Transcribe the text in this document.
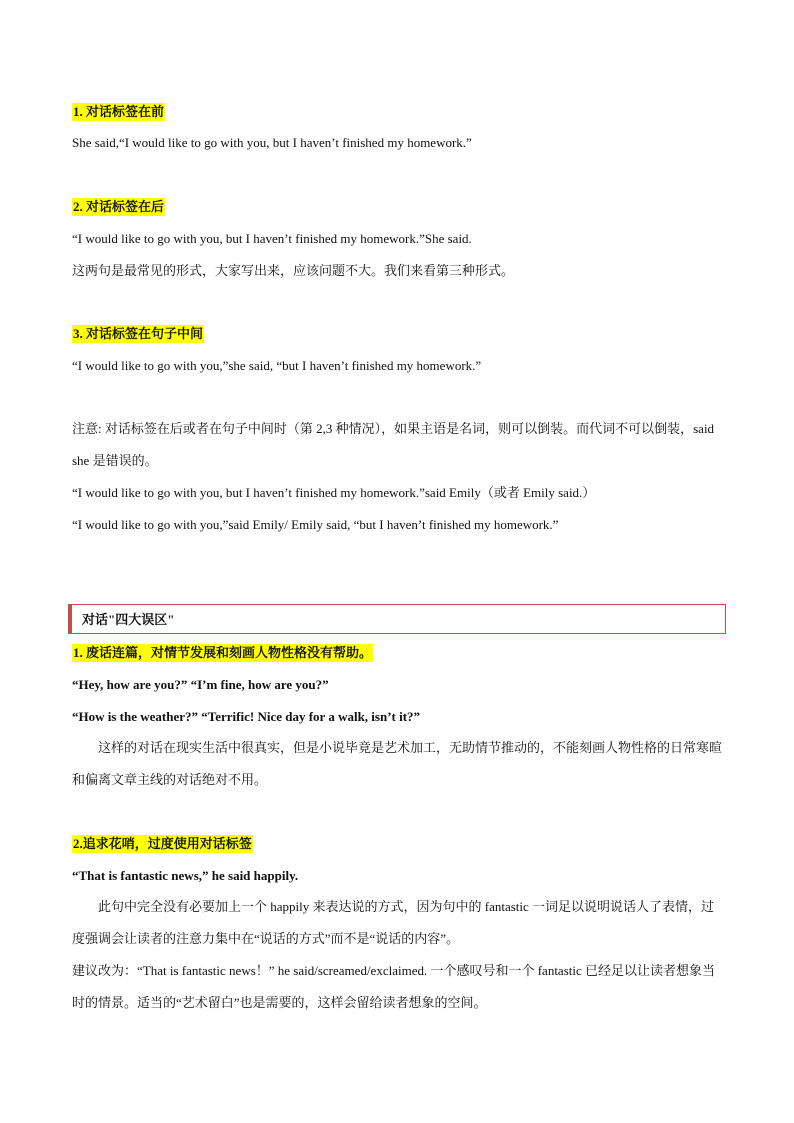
1. 对话标签在前
She said,“I would like to go with you, but I haven’t finished my homework.”
2. 对话标签在后
“I would like to go with you, but I haven’t finished my homework.”She said.
这两句是最常见的形式，大家写出来，应该问题不大。我们来看第三种形式。
3. 对话标签在句子中间
“I would like to go with you,”she said, “but I haven’t finished my homework.”
注意: 对话标签在后或者在句子中间时（第 2,3 种情况），如果主语是名词，则可以倒装。而代词不可以倒装，said she 是错误的。
“I would like to go with you, but I haven’t finished my homework.”said Emily（或者 Emily said.）
“I would like to go with you,”said Emily/ Emily said, “but I haven’t finished my homework.”
对话"四大误区"
1. 废话连篇，对情节发展和刻画人物性格没有帮助。
“Hey, how are you?” “I’m fine, how are you?”
“How is the weather?” “Terrific! Nice day for a walk, isn’t it?”
这样的对话在现实生活中很真实，但是小说毕竟是艺术加工，无助情节推动的，不能刻画人物性格的日常寒暄和偏离文章主线的对话绝对不用。
2.追求花哨，过度使用对话标签
“That is fantastic news,” he said happily.
此句中完全没有必要加上一个 happily 来表达说的方式，因为句中的 fantastic 一词足以说明说话人了表情，过度强调会让读者的注意力集中在“说话的方式”而不是“说话的内容”。
建议改为：“That is fantastic news！” he said/screamed/exclaimed. 一个感叹号和一个 fantastic 已经足以让读者想象当时的情景。适当的“艺术留白”也是需要的，这样会留给读者想象的空间。
